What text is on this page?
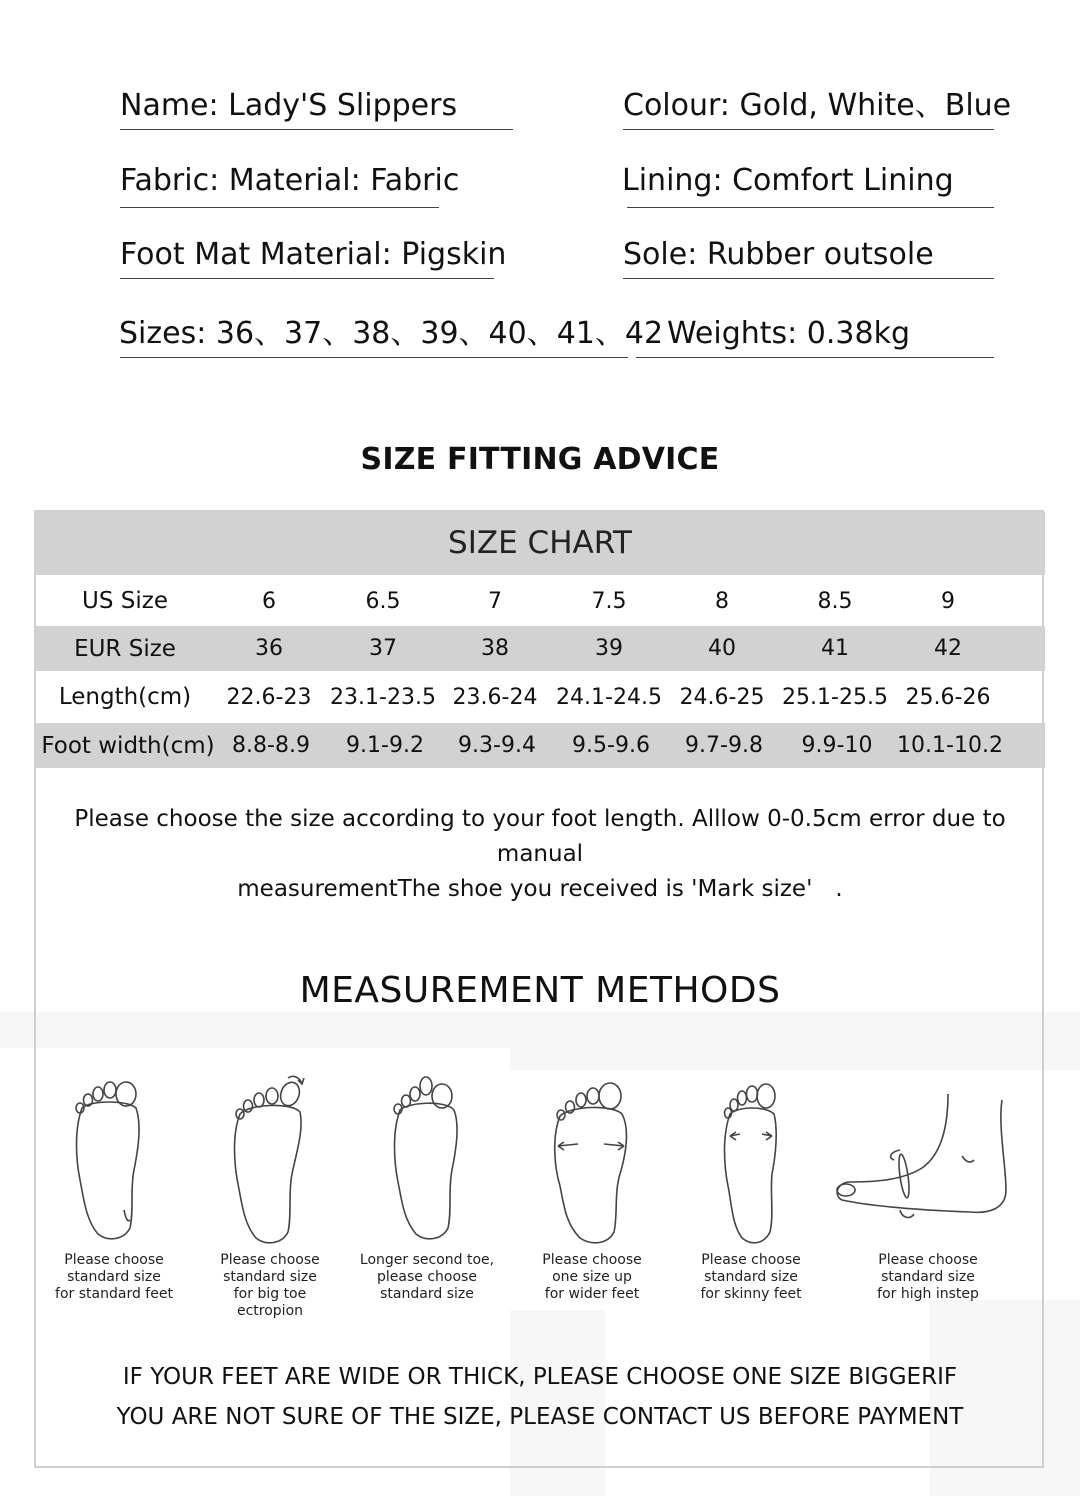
Name: Lady'S Slippers	Colour: Gold, White、Blue
Fabric: Material: Fabric	Lining: Comfort Lining
Foot Mat Material: Pigskin	Sole: Rubber outsole
Sizes: 36、37、38、39、40、41、42 Weights: 0.38kg
SIZE FITTING ADVICE
SIZE CHART
US Size	6	6.5	7	7.5	8	8.5	9
EUR Size	36	37	38	39	40	41	42
Length(cm)	22.6-23 23.1-23.5 23.6-24 24.1-24.5 24.6-25 25.1-25.5 25.6-26
Foot width(cm) 8.8-8.9	9.1-9.2	9.3-9.4	9.5-9.6	9.7-9.8	9.9-10	10.1-10.2
Please choose the size according to your foot length. Alllow 0-0.5cm error due to manual
measurementThe shoe you received is 'Mark size'　.
MEASUREMENT METHODS
Please choose
standard size
for standard feet
Please choose
standard size
for big toe
ectropion
Longer second toe,
please choose
standard size
Please choose
one size up
for wider feet
Please choose
standard size
for skinny feet
Please choose
standard size
for high instep
IF YOUR FEET ARE WIDE OR THICK, PLEASE CHOOSE ONE SIZE BIGGERIF
YOU ARE NOT SURE OF THE SIZE, PLEASE CONTACT US BEFORE PAYMENT
